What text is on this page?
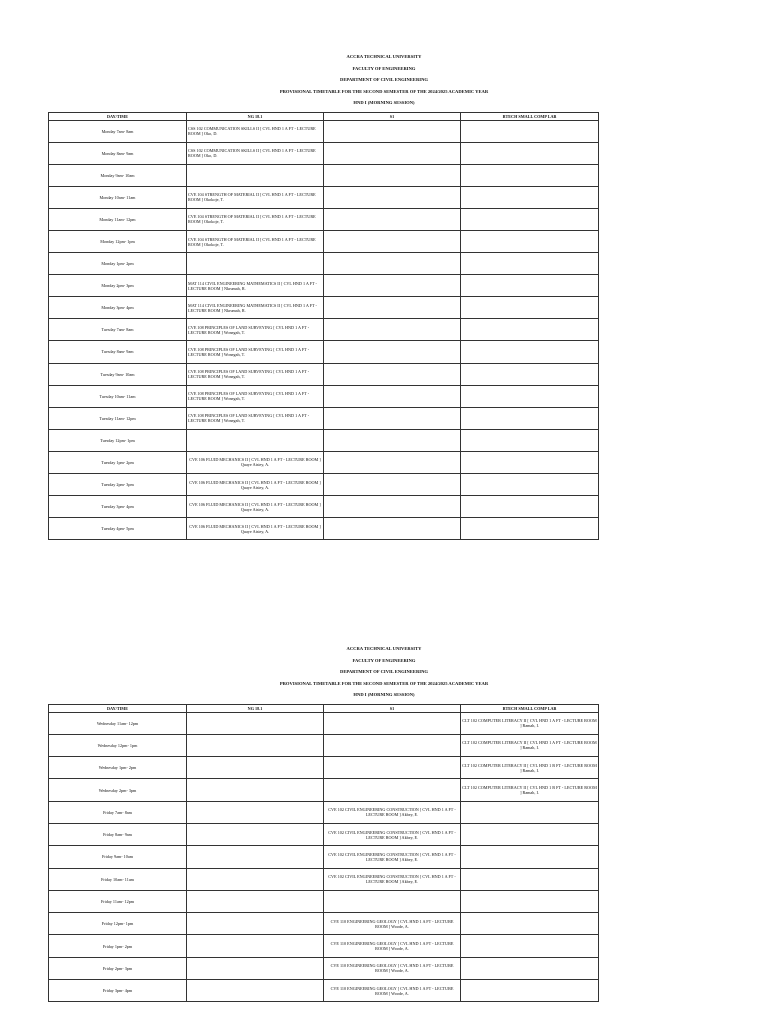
ACCRA TECHNICAL UNIVERSITY
FACULTY OF ENGINEERING
DEPARTMENT OF CIVIL ENGINEERING
PROVISIONAL TIMETABLE FOR THE SECOND SEMESTER OF THE 2024/2025 ACADEMIC YEAR
HND I (MORNING SESSION)
DAY/TIME	NG 18.1	S1	BTECH SMALL COMP LAB
Monday 7am- 8am	CSS 102 COMMUNICATION SKILLS II [ CVL HND 1 A FT - LECTURE ROOM ] Oko, D.		
Monday 8am- 9am	CSS 102 COMMUNICATION SKILLS II [ CVL HND 1 A FT - LECTURE ROOM ] Oko, D.		
Monday 9am- 10am			
Monday 10am- 11am	CVE 104 STRENGTH OF MATERIAL II [ CVL HND 1 A FT - LECTURE ROOM ] Okokoje, T.		
Monday 11am- 12pm	CVE 104 STRENGTH OF MATERIAL II [ CVL HND 1 A FT - LECTURE ROOM ] Okokoje, T.		
Monday 12pm- 1pm	CVE 104 STRENGTH OF MATERIAL II [ CVL HND 1 A FT - LECTURE ROOM ] Okokoje, T.		
Monday 1pm- 2pm			
Monday 2pm- 3pm	MAT 114 CIVIL ENGINEERING MATHEMATICS II [ CVL HND 1 A FT - LECTURE ROOM ] Nkrumah, R.		
Monday 3pm- 4pm	MAT 114 CIVIL ENGINEERING MATHEMATICS II [ CVL HND 1 A FT - LECTURE ROOM ] Nkrumah, R.		
Tuesday 7am- 8am	CVE 108 PRINCIPLES OF LAND SURVEYING [ CVL HND 1 A FT - LECTURE ROOM ] Wonegah, T.		
Tuesday 8am- 9am	CVE 108 PRINCIPLES OF LAND SURVEYING [ CVL HND 1 A FT - LECTURE ROOM ] Wonegah, T.		
Tuesday 9am- 10am	CVE 108 PRINCIPLES OF LAND SURVEYING [ CVL HND 1 A FT - LECTURE ROOM ] Wonegah, T.		
Tuesday 10am- 11am	CVE 108 PRINCIPLES OF LAND SURVEYING [ CVL HND 1 A FT - LECTURE ROOM ] Wonegah, T.		
Tuesday 11am- 12pm	CVE 108 PRINCIPLES OF LAND SURVEYING [ CVL HND 1 A FT - LECTURE ROOM ] Wonegah, T.		
Tuesday 12pm- 1pm			
Tuesday 1pm- 2pm	CVE 106 FLUID MECHANICS II [ CVL HND 1 A FT - LECTURE ROOM ] Quaye Aisiey, A.		
Tuesday 2pm- 3pm	CVE 106 FLUID MECHANICS II [ CVL HND 1 A FT - LECTURE ROOM ] Quaye Aisiey, A.		
Tuesday 3pm- 4pm	CVE 106 FLUID MECHANICS II [ CVL HND 1 A FT - LECTURE ROOM ] Quaye Aisiey, A.		
Tuesday 4pm- 5pm	CVE 106 FLUID MECHANICS II [ CVL HND 1 A FT - LECTURE ROOM ] Quaye Aisiey, A.		
ACCRA TECHNICAL UNIVERSITY
FACULTY OF ENGINEERING
DEPARTMENT OF CIVIL ENGINEERING
PROVISIONAL TIMETABLE FOR THE SECOND SEMESTER OF THE 2024/2025 ACADEMIC YEAR
HND I (MORNING SESSION)
DAY/TIME	NG 18.1	S1	BTECH SMALL COMP LAB
Wednesday 11am- 12pm			CLT 102 COMPUTER LITERACY II [ CVL HND 1 A FT - LECTURE ROOM ] Ramah, I.
Wednesday 12pm- 1pm			CLT 102 COMPUTER LITERACY II [ CVL HND 1 A FT - LECTURE ROOM ] Ramah, I.
Wednesday 1pm- 2pm			CLT 102 COMPUTER LITERACY II [ CVL HND 1 B FT - LECTURE ROOM ] Ramah, I.
Wednesday 2pm- 3pm			CLT 102 COMPUTER LITERACY II [ CVL HND 1 B FT - LECTURE ROOM ] Ramah, I.
Friday 7am- 8am		CVE 102 CIVIL ENGINEERING CONSTRUCTION [ CVL HND 1 A FT - LECTURE ROOM ] Akbey, E.	
Friday 8am- 9am		CVE 102 CIVIL ENGINEERING CONSTRUCTION [ CVL HND 1 A FT - LECTURE ROOM ] Akbey, E.	
Friday 9am- 10am		CVE 102 CIVIL ENGINEERING CONSTRUCTION [ CVL HND 1 A FT - LECTURE ROOM ] Akbey, E.	
Friday 10am- 11am		CVE 102 CIVIL ENGINEERING CONSTRUCTION [ CVL HND 1 A FT - LECTURE ROOM ] Akbey, E.	
Friday 11am- 12pm			
Friday 12pm- 1pm		CVE 110 ENGINEERING GEOLOGY [ CVL HND 1 A FT - LECTURE ROOM ] Woode, A.	
Friday 1pm- 2pm		CVE 110 ENGINEERING GEOLOGY [ CVL HND 1 A FT - LECTURE ROOM ] Woode, A.	
Friday 2pm- 3pm		CVE 110 ENGINEERING GEOLOGY [ CVL HND 1 A FT - LECTURE ROOM ] Woode, A.	
Friday 3pm- 4pm		CVE 110 ENGINEERING GEOLOGY [ CVL HND 1 A FT - LECTURE ROOM ] Woode, A.	
